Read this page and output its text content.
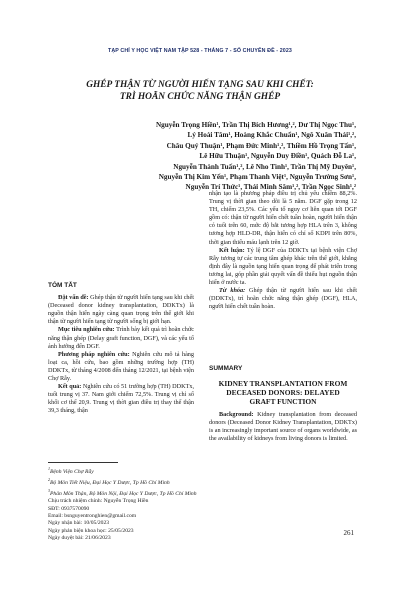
TẠP CHÍ Y HỌC VIỆT NAM TẬP 528 - THÁNG 7 - SỐ CHUYÊN ĐỀ - 2023
GHÉP THẬN TỪ NGƯỜI HIẾN TẠNG SAU KHI CHẾT:
TRÌ HOÃN CHỨC NĂNG THẬN GHÉP
Nguyễn Trọng Hiền¹, Trần Thị Bích Hương¹,², Dư Thị Ngọc Thu¹,
Lý Hoài Tâm¹, Hoàng Khắc Chuẩn¹, Ngô Xuân Thái¹,²,
Châu Quý Thuận¹, Phạm Đức Minh¹,², Thiềm Hồ Trọng Tấn¹,
Lê Hữu Thuận¹, Nguyễn Duy Điền¹, Quách Đỗ La¹,
Nguyễn Thành Tuấn¹,², Lê Nho Tình¹, Trần Thị Mỹ Duyên¹,
Nguyễn Thị Kim Yến¹, Phạm Thanh Việt¹, Nguyễn Trường Sơn¹,
Nguyễn Trí Thức¹, Thái Minh Sâm¹,², Trần Ngọc Sinh¹,²
TÓM TẮT

Đặt vấn đề: Ghép thận từ người hiến tạng sau khi chết (Deceased donor kidney transplantation, DDKTx) là nguồn thận hiến ngày càng quan trọng trên thế giới khi thận từ người hiến tạng từ người sống bị giới hạn.

Mục tiêu nghiên cứu: Trình bày kết quả trì hoãn chức năng thận ghép (Delay graft function, DGF), và các yếu tố ảnh hưởng đến DGF.

Phương pháp nghiên cứu: Nghiên cứu mô tả hàng loạt ca, hồi cứu, bao gồm những trường hợp (TH) DDKTx, từ tháng 4/2008 đến tháng 12/2021, tại bệnh viện Chợ Rẫy.

Kết quả: Nghiên cứu có 51 trường hợp (TH) DDKTx, tuổi trung vị 37. Nam giới chiếm 72,5%. Trung vị chỉ số khối cơ thể 20,9. Trung vị thời gian điều trị thay thế thận 39,3 tháng, thận

$^1$Bệnh Viện Chợ Rẫy
$^2$Bộ Môn Tiết Niệu, Đại Học Y Dược, Tp Hồ Chí Minh
$^3$Phân Môn Thận, Bộ Môn Nội, Đại Học Y Dược, Tp Hồ Chí Minh
Chịu trách nhiệm chính: Nguyễn Trọng Hiền
SĐT: 0937570090
Email: bsnguyentronghien@gmail.com
Ngày nhận bài: 10/05/2023
Ngày phản biện khoa học: 25/05/2023
Ngày duyệt bài: 21/06/2023

nhận tạo là phương pháp điều trị chủ yếu chiếm 88,2%. Trung vị thời gian theo dõi là 5 năm. DGF gặp trong 12 TH, chiếm 23,5%. Các yếu tố nguy cơ liên quan tới DGF gồm có: thận từ người hiến chết tuần hoàn, người hiến thận có tuổi trên 60, mức độ bắt tương hợp HLA trên 3, không tương hợp HLD-DR, thận hiến có chỉ số KDPI trên 80%, thời gian thiếu máu lạnh trên 12 giờ.

Kết luận: Tỷ lệ DGF của DDKTx tại bệnh viện Chợ Rẫy tương tự các trung tâm ghép khác trên thế giới, khẳng định đây là nguồn tạng hiến quan trọng để phát triển trong tương lai, góp phần giải quyết vấn đề thiếu hụt nguồn thận hiến ở nước ta.

Từ khóa: Ghép thận từ người hiến sau khi chết (DDKTx), trì hoãn chức năng thận ghép (DGF), HLA, người hiến chết tuần hoàn.

SUMMARY
KIDNEY TRANSPLANTATION FROM
DECEASED DONORS: DELAYED
GRAFT FUNCTION

Background: Kidney transplantation from deceased donors (Deceased Donor Kidney Transplantation, DDKTx) is an increasingly important source of organs worldwide, as the availability of kidneys from living donors is limited.

261
